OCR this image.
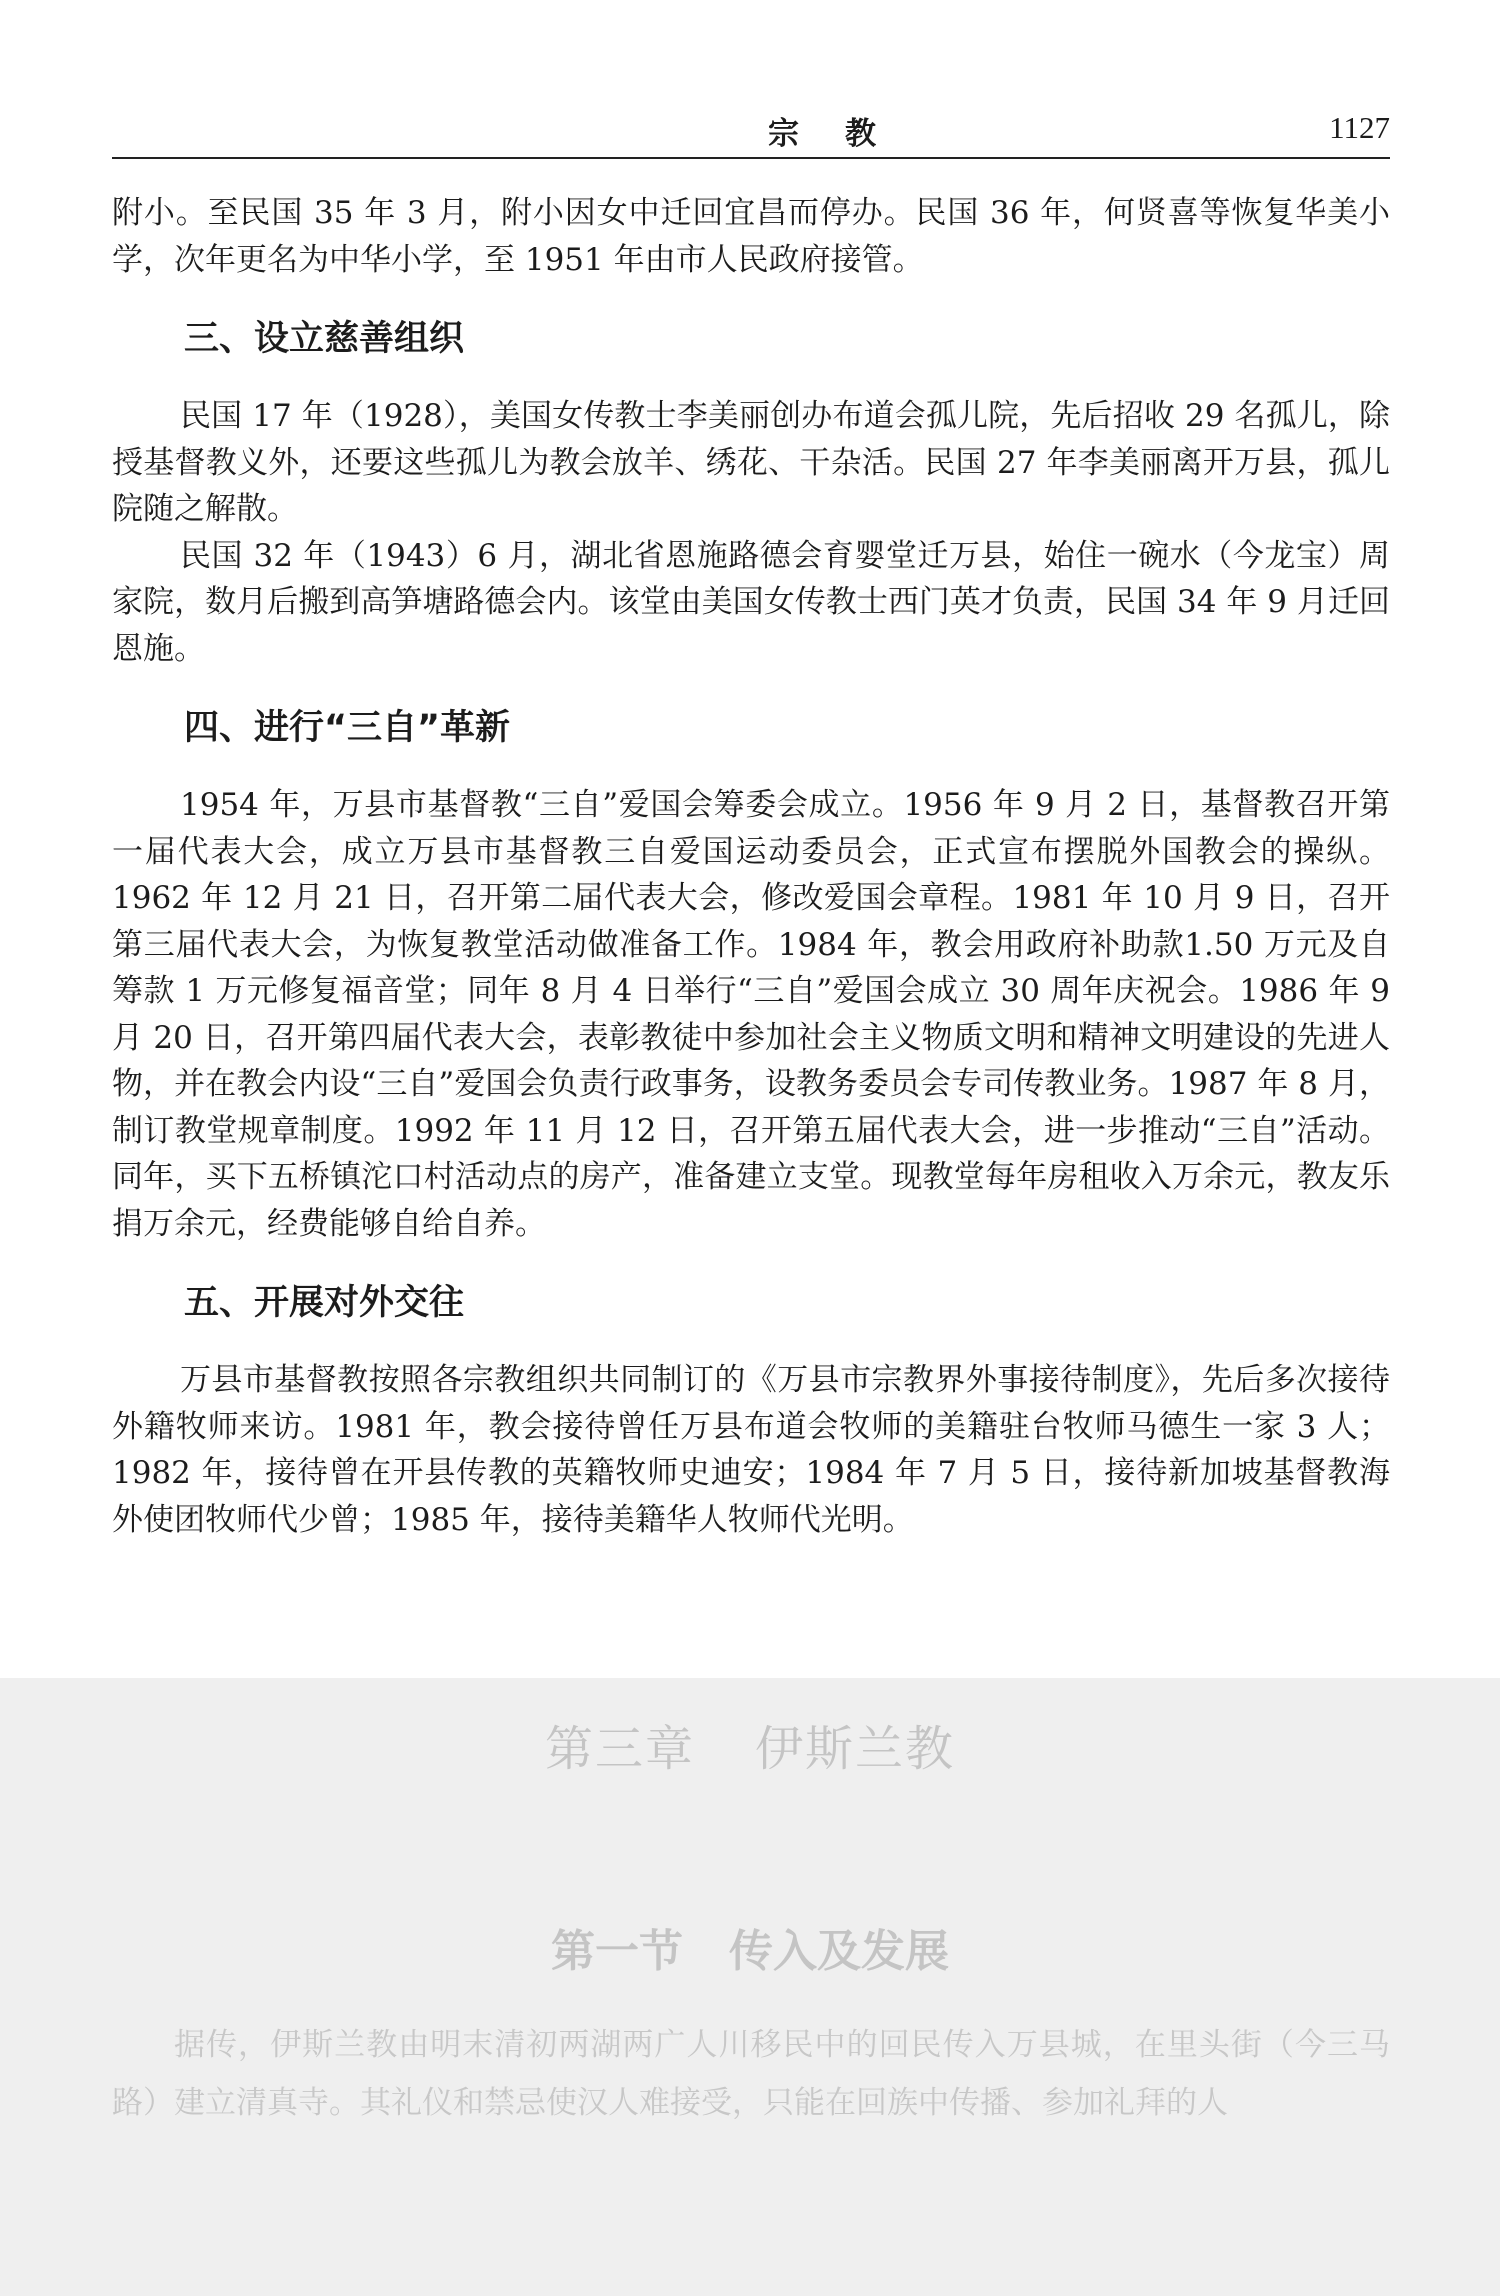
宗教	1127

附小。至民国 35 年 3 月，附小因女中迁回宜昌而停办。民国 36 年，何贤喜等恢复华美小学，次年更名为中华小学，至 1951 年由市人民政府接管。

三、设立慈善组织

民国 17 年（1928），美国女传教士李美丽创办布道会孤儿院，先后招收 29 名孤儿，除授基督教义外，还要这些孤儿为教会放羊、绣花、干杂活。民国 27 年李美丽离开万县，孤儿院随之解散。

民国 32 年（1943）6 月，湖北省恩施路德会育婴堂迁万县，始住一碗水（今龙宝）周家院，数月后搬到高笋塘路德会内。该堂由美国女传教士西门英才负责，民国 34 年 9 月迁回恩施。

四、进行“三自”革新

1954 年，万县市基督教“三自”爱国会筹委会成立。1956 年 9 月 2 日，基督教召开第一届代表大会，成立万县市基督教三自爱国运动委员会，正式宣布摆脱外国教会的操纵。1962 年 12 月 21 日，召开第二届代表大会，修改爱国会章程。1981 年 10 月 9 日，召开第三届代表大会，为恢复教堂活动做准备工作。1984 年，教会用政府补助款1.50 万元及自筹款 1 万元修复福音堂；同年 8 月 4 日举行“三自”爱国会成立 30 周年庆祝会。1986 年 9 月 20 日，召开第四届代表大会，表彰教徒中参加社会主义物质文明和精神文明建设的先进人物，并在教会内设“三自”爱国会负责行政事务，设教务委员会专司传教业务。1987 年 8 月，制订教堂规章制度。1992 年 11 月 12 日，召开第五届代表大会，进一步推动“三自”活动。同年，买下五桥镇沱口村活动点的房产，准备建立支堂。现教堂每年房租收入万余元，教友乐捐万余元，经费能够自给自养。

五、开展对外交往

万县市基督教按照各宗教组织共同制订的《万县市宗教界外事接待制度》，先后多次接待外籍牧师来访。1981 年，教会接待曾任万县布道会牧师的美籍驻台牧师马德生一家 3 人；1982 年，接待曾在开县传教的英籍牧师史迪安；1984 年 7 月 5 日，接待新加坡基督教海外使团牧师代少曾；1985 年，接待美籍华人牧师代光明。

第三章 伊斯兰教
第一节 传入及发展

据传，伊斯兰教由明末清初两湖两广人川移民中的回民传入万县城，在里头街（今三马路）建立清真寺。其礼仪和禁忌使汉人难接受，只能在回族中传播、参加礼拜的人
